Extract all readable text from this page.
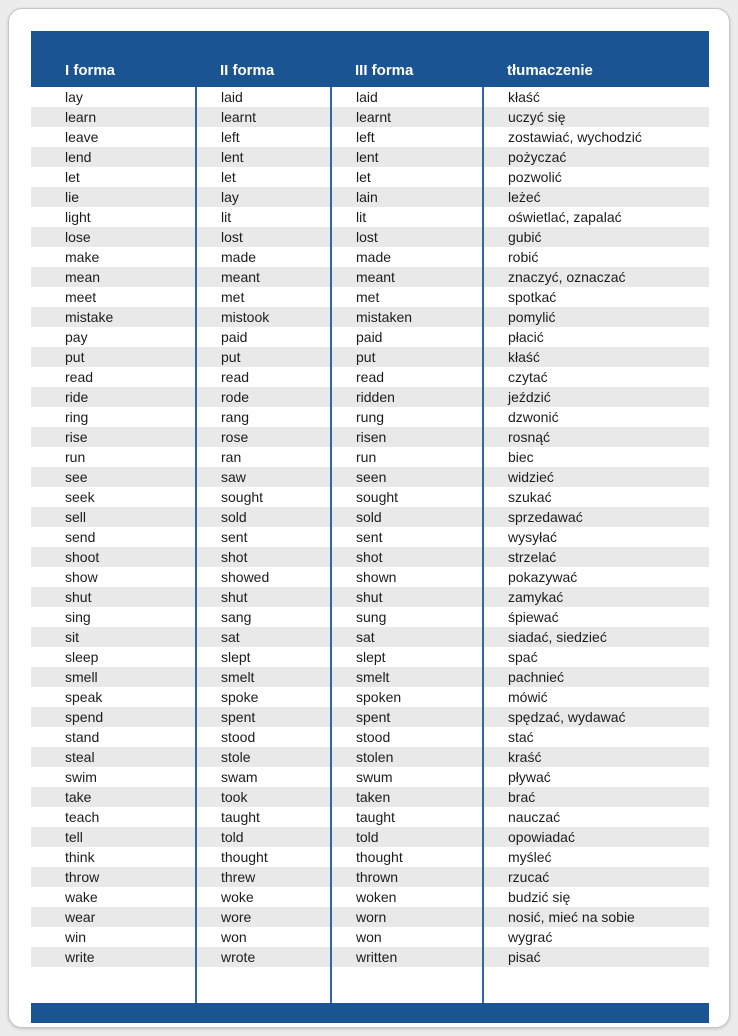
I forma	II forma	III forma	tłumaczenie
lay	laid	laid	kłaść
learn	learnt	learnt	uczyć się
leave	left	left	zostawiać, wychodzić
lend	lent	lent	pożyczać
let	let	let	pozwolić
lie	lay	lain	leżeć
light	lit	lit	oświetlać, zapalać
lose	lost	lost	gubić
make	made	made	robić
mean	meant	meant	znaczyć, oznaczać
meet	met	met	spotkać
mistake	mistook	mistaken	pomylić
pay	paid	paid	płacić
put	put	put	kłaść
read	read	read	czytać
ride	rode	ridden	jeździć
ring	rang	rung	dzwonić
rise	rose	risen	rosnąć
run	ran	run	biec
see	saw	seen	widzieć
seek	sought	sought	szukać
sell	sold	sold	sprzedawać
send	sent	sent	wysyłać
shoot	shot	shot	strzelać
show	showed	shown	pokazywać
shut	shut	shut	zamykać
sing	sang	sung	śpiewać
sit	sat	sat	siadać, siedzieć
sleep	slept	slept	spać
smell	smelt	smelt	pachnieć
speak	spoke	spoken	mówić
spend	spent	spent	spędzać, wydawać
stand	stood	stood	stać
steal	stole	stolen	kraść
swim	swam	swum	pływać
take	took	taken	brać
teach	taught	taught	nauczać
tell	told	told	opowiadać
think	thought	thought	myśleć
throw	threw	thrown	rzucać
wake	woke	woken	budzić się
wear	wore	worn	nosić, mieć na sobie
win	won	won	wygrać
write	wrote	written	pisać
